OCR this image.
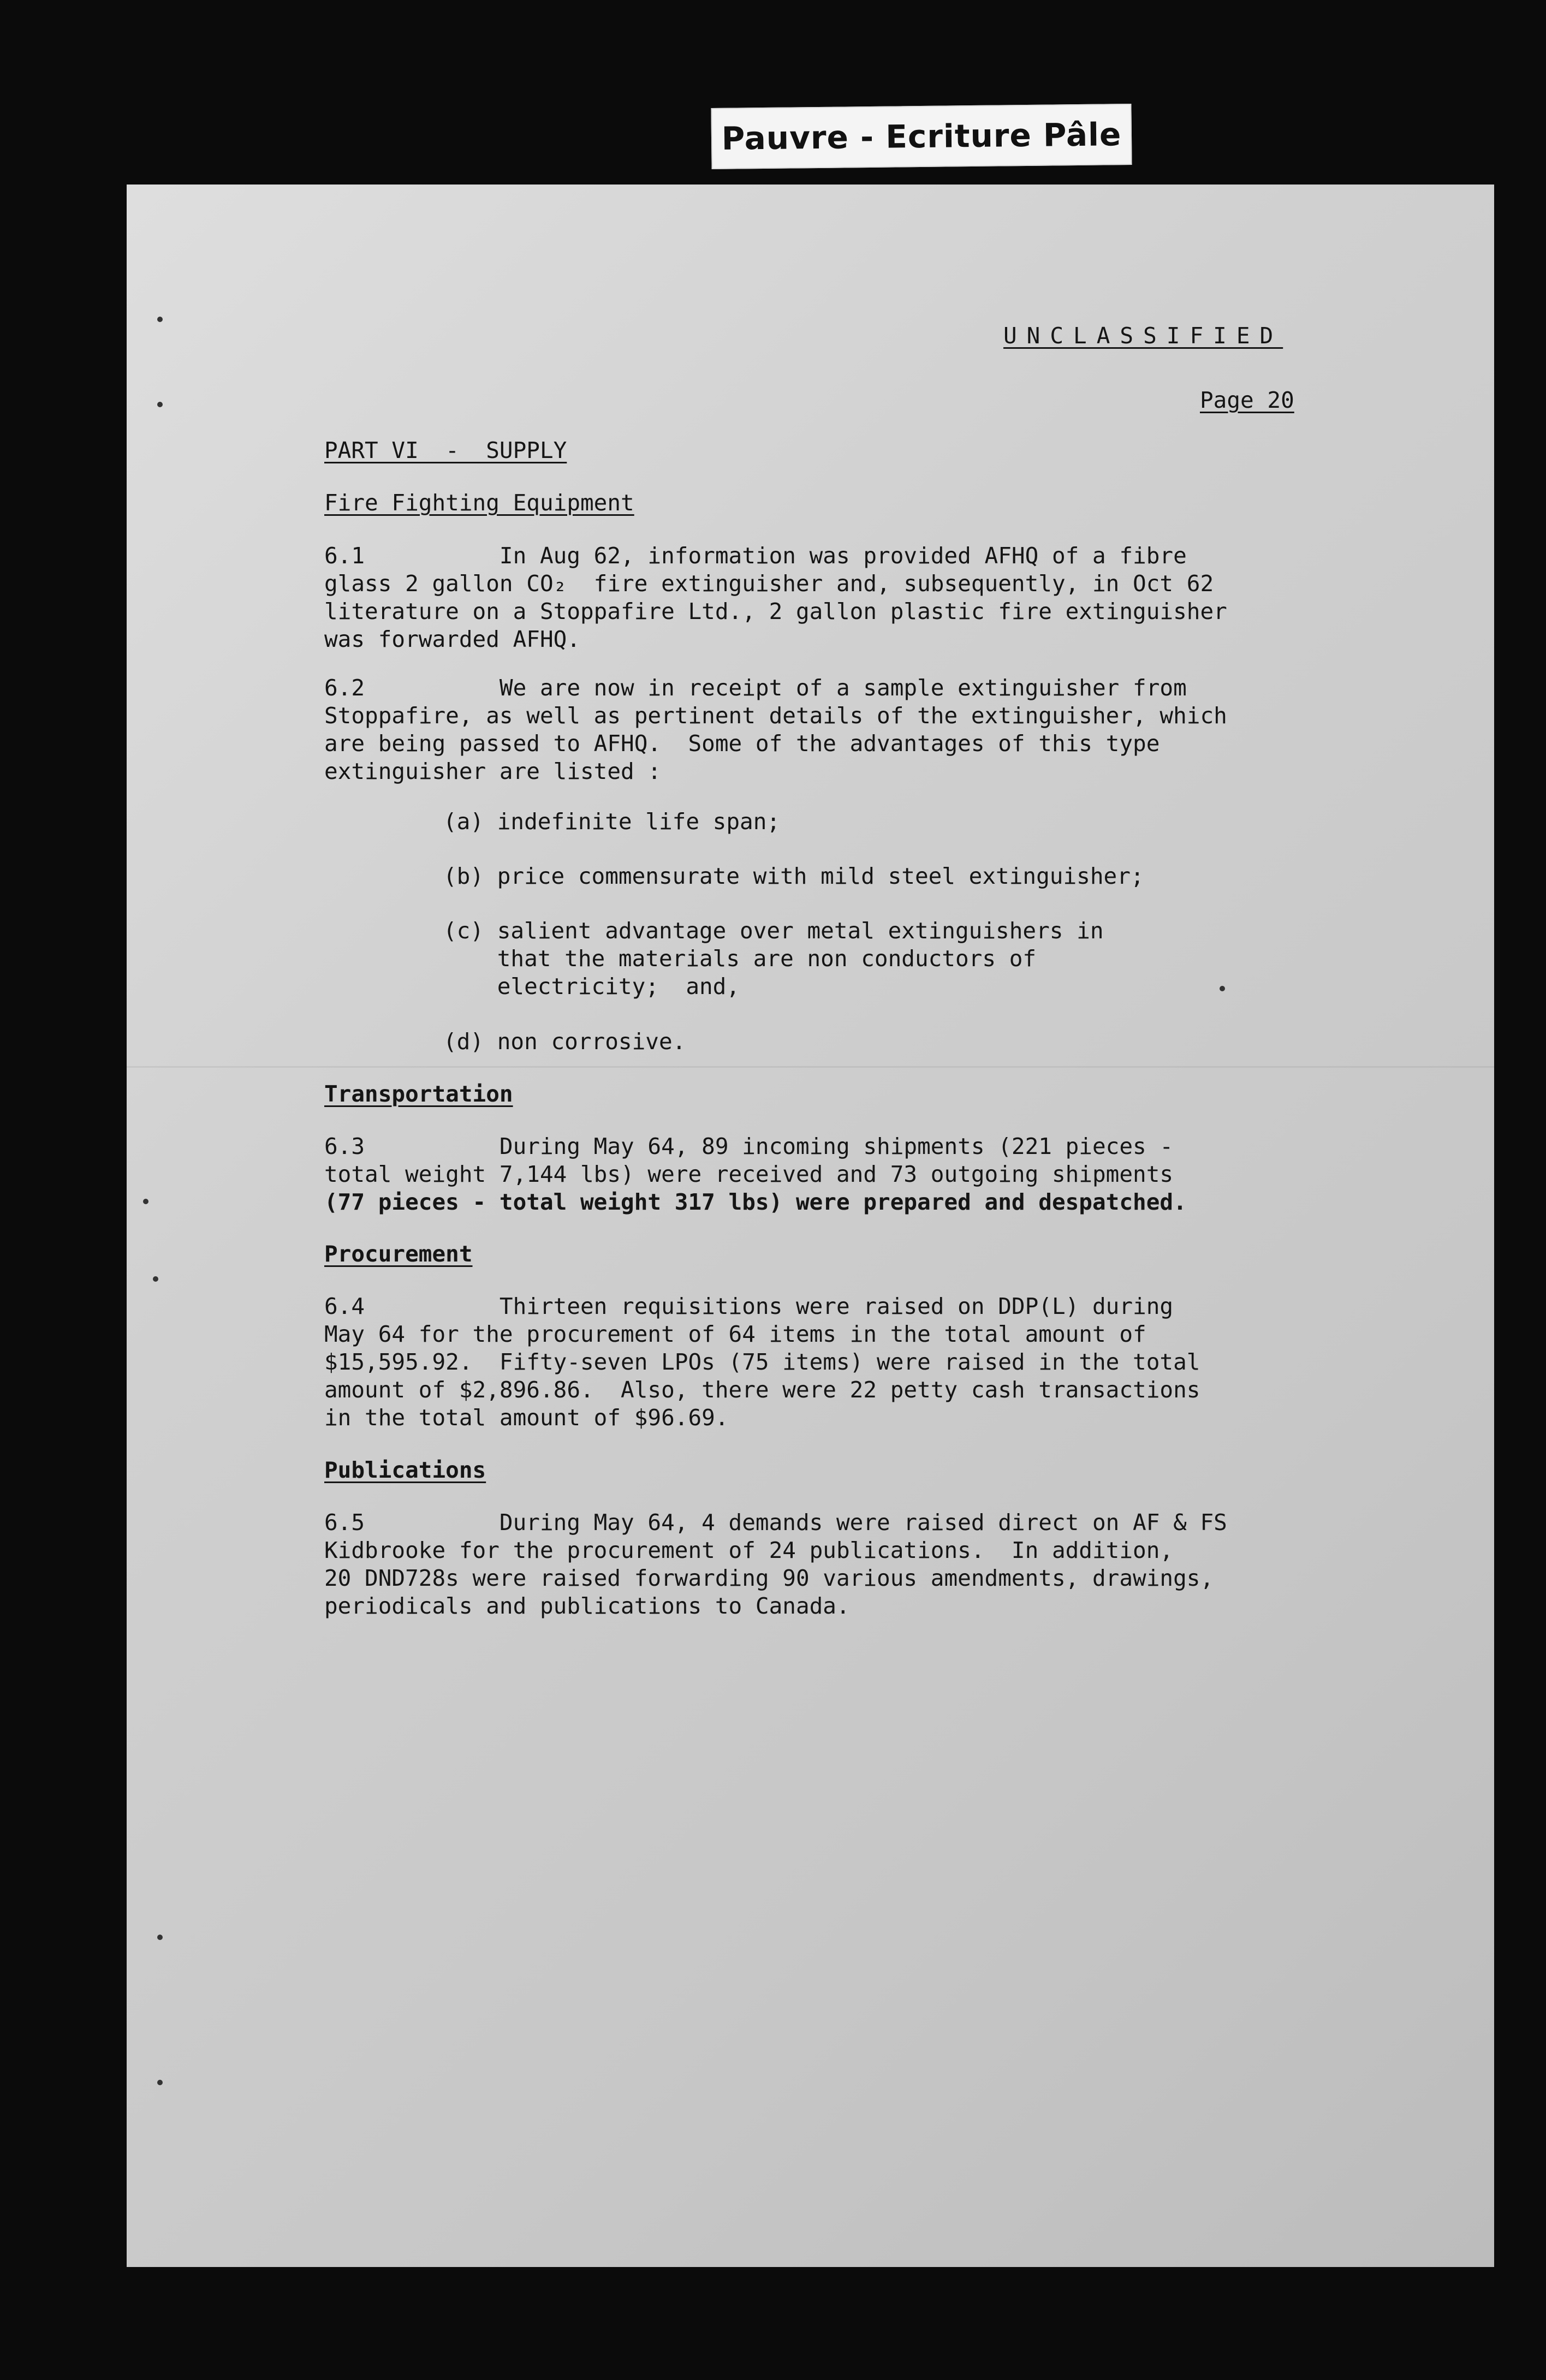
Pauvre - Ecriture Pâle
UNCLASSIFIED
Page 20
PART VI  -  SUPPLY
Fire Fighting Equipment
6.1          In Aug 62, information was provided AFHQ of a fibre
glass 2 gallon CO₂  fire extinguisher and, subsequently, in Oct 62
literature on a Stoppafire Ltd., 2 gallon plastic fire extinguisher
was forwarded AFHQ.
6.2          We are now in receipt of a sample extinguisher from
Stoppafire, as well as pertinent details of the extinguisher, which
are being passed to AFHQ.  Some of the advantages of this type
extinguisher are listed :
(a) indefinite life span;
(b) price commensurate with mild steel extinguisher;
(c) salient advantage over metal extinguishers in
that the materials are non conductors of
electricity;  and,
(d) non corrosive.
Transportation
6.3          During May 64, 89 incoming shipments (221 pieces -
total weight 7,144 lbs) were received and 73 outgoing shipments
(77 pieces - total weight 317 lbs) were prepared and despatched.
Procurement
6.4          Thirteen requisitions were raised on DDP(L) during
May 64 for the procurement of 64 items in the total amount of
$15,595.92.  Fifty-seven LPOs (75 items) were raised in the total
amount of $2,896.86.  Also, there were 22 petty cash transactions
in the total amount of $96.69.
Publications
6.5          During May 64, 4 demands were raised direct on AF & FS
Kidbrooke for the procurement of 24 publications.  In addition,
20 DND728s were raised forwarding 90 various amendments, drawings,
periodicals and publications to Canada.
